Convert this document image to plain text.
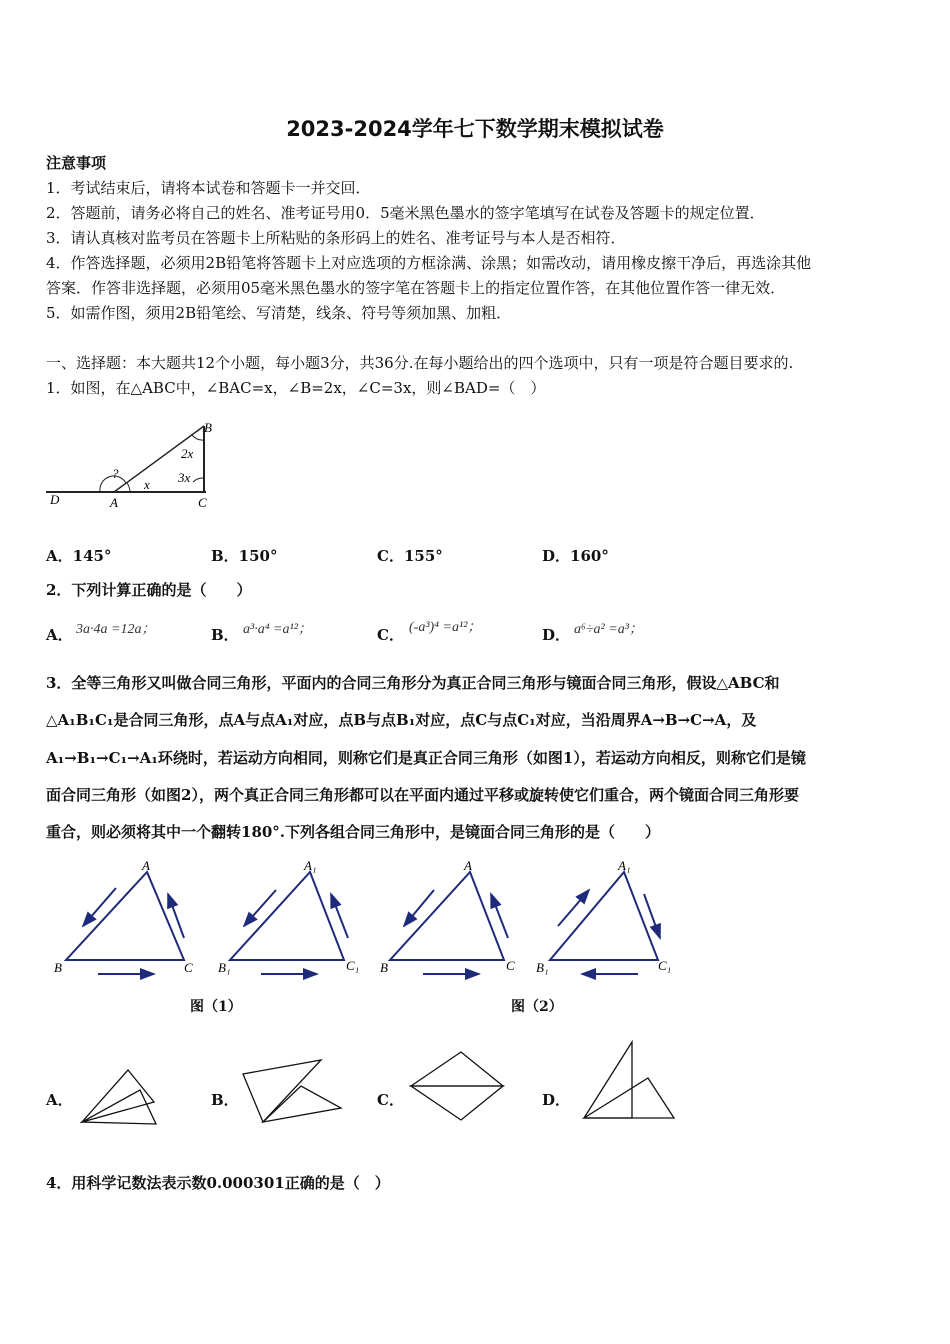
2023-2024学年七下数学期末模拟试卷
注意事项
1．考试结束后，请将本试卷和答题卡一并交回．
2．答题前，请务必将自己的姓名、准考证号用0．5毫米黑色墨水的签字笔填写在试卷及答题卡的规定位置．
3．请认真核对监考员在答题卡上所粘贴的条形码上的姓名、准考证号与本人是否相符．
4．作答选择题，必须用2B铅笔将答题卡上对应选项的方框涂满、涂黑；如需改动，请用橡皮擦干净后，再选涂其他
答案．作答非选择题，必须用05毫米黑色墨水的签字笔在答题卡上的指定位置作答，在其他位置作答一律无效．
5．如需作图，须用2B铅笔绘、写清楚，线条、符号等须加黑、加粗．
一、选择题：本大题共12个小题，每小题3分，共36分.在每小题给出的四个选项中，只有一项是符合题目要求的.
1．如图，在△ABC中，∠BAC=x，∠B=2x，∠C=3x，则∠BAD=（　）
B
2x
3x
x
?
D	A	C
A．145°	B．150°	C．155°	D．160°
2．下列计算正确的是（　　）
A． 3a·4a =12a；	B． a³·a⁴ =a¹²；	C． (-a³)⁴ =a¹²；	D． a⁶÷a² =a³；
3．全等三角形又叫做合同三角形，平面内的合同三角形分为真正合同三角形与镜面合同三角形，假设△ABC和
△A₁B₁C₁是合同三角形，点A与点A₁对应，点B与点B₁对应，点C与点C₁对应，当沿周界A→B→C→A，及
A₁→B₁→C₁→A₁环绕时，若运动方向相同，则称它们是真正合同三角形（如图1），若运动方向相反，则称它们是镜
面合同三角形（如图2），两个真正合同三角形都可以在平面内通过平移或旋转使它们重合，两个镜面合同三角形要
重合，则必须将其中一个翻转180°.下列各组合同三角形中，是镜面合同三角形的是（　　）
A
B	C
A₁
B₁	C₁
A
B	C
A₁
B₁	C₁
图（1）	图（2）
A．	B．	C．	D．
4．用科学记数法表示数0.000301正确的是（　）
